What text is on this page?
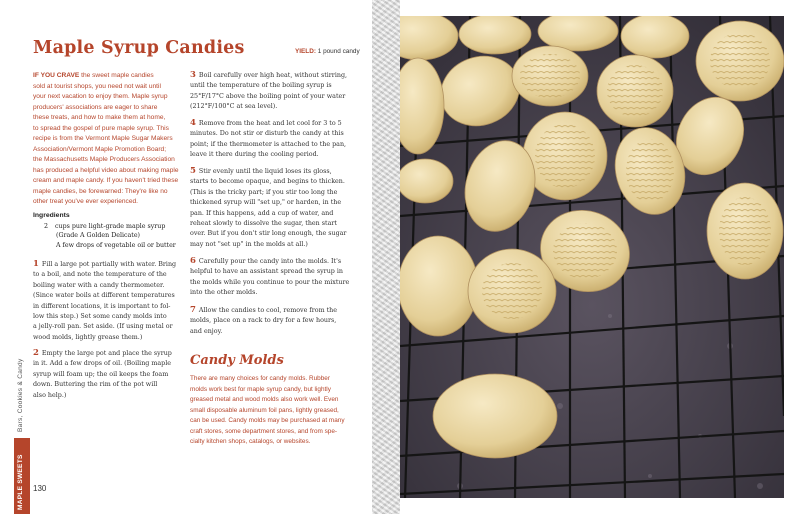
Maple Syrup Candies	YIELD: 1 pound candy
IF YOU CRAVE the sweet maple candies
sold at tourist shops, you need not wait until
your next vacation to enjoy them. Maple syrup
producers' associations are eager to share
these treats, and how to make them at home,
to spread the gospel of pure maple syrup. This
recipe is from the Vermont Maple Sugar Makers
Association/Vermont Maple Promotion Board;
the Massachusetts Maple Producers Association
has produced a helpful video about making maple
cream and maple candy. If you haven't tried these
maple candies, be forewarned: They're like no
other treat you've ever experienced.
Ingredients
2 cups pure light-grade maple syrup
(Grade A Golden Delicate)
A few drops of vegetable oil or butter
1 Fill a large pot partially with water. Bring
to a boil, and note the temperature of the
boiling water with a candy thermometer.
(Since water boils at different temperatures
in different locations, it is important to fol-
low this step.) Set some candy molds into
a jelly-roll pan. Set aside. (If using metal or
wood molds, lightly grease them.)
2 Empty the large pot and place the syrup
in it. Add a few drops of oil. (Boiling maple
syrup will foam up; the oil keeps the foam
down. Buttering the rim of the pot will
also help.)
3 Boil carefully over high heat, without stirring,
until the temperature of the boiling syrup is
25°F/17°C above the boiling point of your water
(212°F/100°C at sea level).
4 Remove from the heat and let cool for 3 to 5
minutes. Do not stir or disturb the candy at this
point; if the thermometer is attached to the pan,
leave it there during the cooling period.
5 Stir evenly until the liquid loses its gloss,
starts to become opaque, and begins to thicken.
(This is the tricky part; if you stir too long the
thickened syrup will "set up," or harden, in the
pan. If this happens, add a cup of water, and
reheat slowly to dissolve the sugar, then start
over. But if you don't stir long enough, the sugar
may not "set up" in the molds at all.)
6 Carefully pour the candy into the molds. It's
helpful to have an assistant spread the syrup in
the molds while you continue to pour the mixture
into the other molds.
7 Allow the candies to cool, remove from the
molds, place on a rack to dry for a few hours,
and enjoy.
Candy Molds
There are many choices for candy molds. Rubber
molds work best for maple syrup candy, but lightly
greased metal and wood molds also work well. Even
small disposable aluminum foil pans, lightly greased,
can be used. Candy molds may be purchased at many
craft stores, some department stores, and from spe-
cialty kitchen shops, catalogs, or websites.
MAPLE SWEETS
Bars, Cookies & Candy
130
